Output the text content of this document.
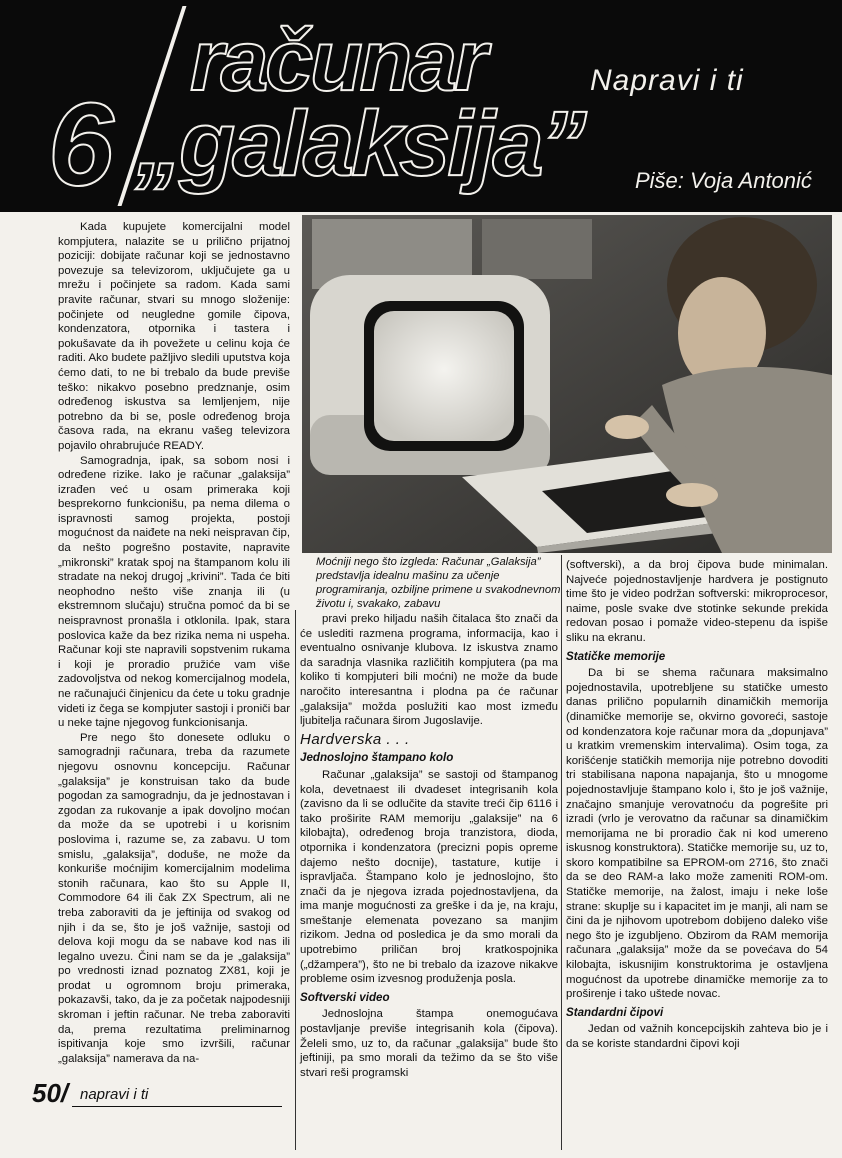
6
računar
„galaksija”
Napravi i ti
Piše: Voja Antonić

Kada kupujete komercijalni model kompjutera, nalazite se u prilično prijatnoj poziciji: dobijate računar koji se jednostavno povezuje sa televizorom, uključujete ga u mrežu i počinjete sa radom. Kada sami pravite računar, stvari su mnogo složenije: počinjete od neugledne gomile čipova, kondenzatora, otpornika i tastera i pokušavate da ih povežete u celinu koja će raditi. Ako budete pažljivo sledili uputstva koja ćemo dati, to ne bi trebalo da bude previše teško: nikakvo posebno predznanje, osim određenog iskustva sa lemljenjem, nije potrebno da bi se, posle određenog broja časova rada, na ekranu vašeg televizora pojavilo ohrabrujuće READY.

Samogradnja, ipak, sa sobom nosi i određene rizike. Iako je računar „galaksija” izrađen već u osam primeraka koji besprekorno funkcionišu, pa nema dilema o ispravnosti samog projekta, postoji mogućnost da naiđete na neki neispravan čip, da nešto pogrešno postavite, napravite „mikronski” kratak spoj na štampanom kolu ili stradate na nekoj drugoj „krivini”. Tada će biti neophodno nešto više znanja ili (u ekstremnom slučaju) stručna pomoć da bi se neispravnost pronašla i otklonila. Ipak, stara poslovica kaže da bez rizika nema ni uspeha. Računar koji ste napravili sopstvenim rukama i koji je proradio pružiće vam više zadovoljstva od nekog komercijalnog modela, ne računajući činjenicu da ćete u toku gradnje videti iz čega se kompjuter sastoji i proniči bar u neke tajne njegovog funkcionisanja.

Pre nego što donesete odluku o samogradnji računara, treba da razumete njegovu osnovnu koncepciju. Računar „galaksija” je konstruisan tako da bude pogodan za samogradnju, da je jednostavan i zgodan za rukovanje a ipak dovoljno moćan da može da se upotrebi i u korisnim poslovima i, razume se, za zabavu. U tom smislu, „galaksija”, doduše, ne može da konkuriše moćnijim komercijalnim modelima stonih računara, kao što su Apple II, Commodore 64 ili čak ZX Spectrum, ali ne treba zaboraviti da je jeftinija od svakog od njih i da se, što je još važnije, sastoji od delova koji mogu da se nabave kod nas ili legalno uvezu. Čini nam se da je „galaksija” po vrednosti iznad poznatog ZX81, koji je prodat u ogromnom broju primeraka, pokazavši, tako, da je za početak najpodesniji skroman i jeftin računar. Ne treba zaboraviti da, prema rezultatima preliminarnog ispitivanja koje smo izvršili, računar „galaksija” namerava da na-

Moćniji nego što izgleda: Računar „Galaksija” predstavlja idealnu mašinu za učenje programiranja, ozbiljne primene u svakodnevnom životu i, svakako, zabavu

pravi preko hiljadu naših čitalaca što znači da će uslediti razmena programa, informacija, kao i eventualno osnivanje klubova. Iz iskustva znamo da saradnja vlasnika različitih kompjutera (pa ma koliko ti kompjuteri bili moćni) ne može da bude naročito interesantna i plodna pa će računar „galaksija” možda poslužiti kao most između ljubitelja računara širom Jugoslavije.

Hardverska . . .
Jednoslojno štampano kolo

Računar „galaksija” se sastoji od štampanog kola, devetnaest ili dvadeset integrisanih kola (zavisno da li se odlučite da stavite treći čip 6116 i tako proširite RAM memoriju „galaksije” na 6 kilobajta), određenog broja tranzistora, dioda, otpornika i kondenzatora (precizni popis opreme dajemo nešto docnije), tastature, kutije i ispravljača. Štampano kolo je jednoslojno, što znači da je njegova izrada pojednostavljena, da ima manje mogućnosti za greške i da je, na kraju, smeštanje elemenata povezano sa manjim rizikom. Jedna od posledica je da smo morali da upotrebimo priličan broj kratkospojnika („džampera”), što ne bi trebalo da izazove nikakve probleme osim izvesnog produženja posla.

Softverski video

Jednoslojna štampa onemogućava postavljanje previše integrisanih kola (čipova). Želeli smo, uz to, da računar „galaksija” bude što jeftiniji, pa smo morali da težimo da se što više stvari reši programski

(softverski), a da broj čipova bude minimalan. Najveće pojednostavljenje hardvera je postignuto time što je video podržan softverski: mikroprocesor, naime, posle svake dve stotinke sekunde prekida redovan posao i pomaže video-stepenu da ispiše sliku na ekranu.

Statičke memorije

Da bi se shema računara maksimalno pojednostavila, upotrebljene su statičke umesto danas prilično popularnih dinamičkih memorija (dinamičke memorije se, okvirno govoreći, sastoje od kondenzatora koje računar mora da „dopunjava” u kratkim vremenskim intervalima). Osim toga, za korišćenje statičkih memorija nije potrebno dovoditi tri stabilisana napona napajanja, što u mnogome pojednostavljuje štampano kolo i, što je još važnije, značajno smanjuje verovatnoću da pogrešite pri izradi (vrlo je verovatno da računar sa dinamičkim memorijama ne bi proradio čak ni kod umereno iskusnog konstruktora). Statičke memorije su, uz to, skoro kompatibilne sa EPROM-om 2716, što znači da se deo RAM-a lako može zameniti ROM-om. Statičke memorije, na žalost, imaju i neke loše strane: skuplje su i kapacitet im je manji, ali nam se čini da je njihovom upotrebom dobijeno daleko više nego što je izgubljeno. Obzirom da RAM memorija računara „galaksija” može da se povećava do 54 kilobajta, iskusnijim konstruktorima je ostavljena mogućnost da upotrebe dinamičke memorije za to proširenje i tako uštede novac.

Standardni čipovi

Jedan od važnih koncepcijskih zahteva bio je i da se koriste standardni čipovi koji

50/ napravi i ti
